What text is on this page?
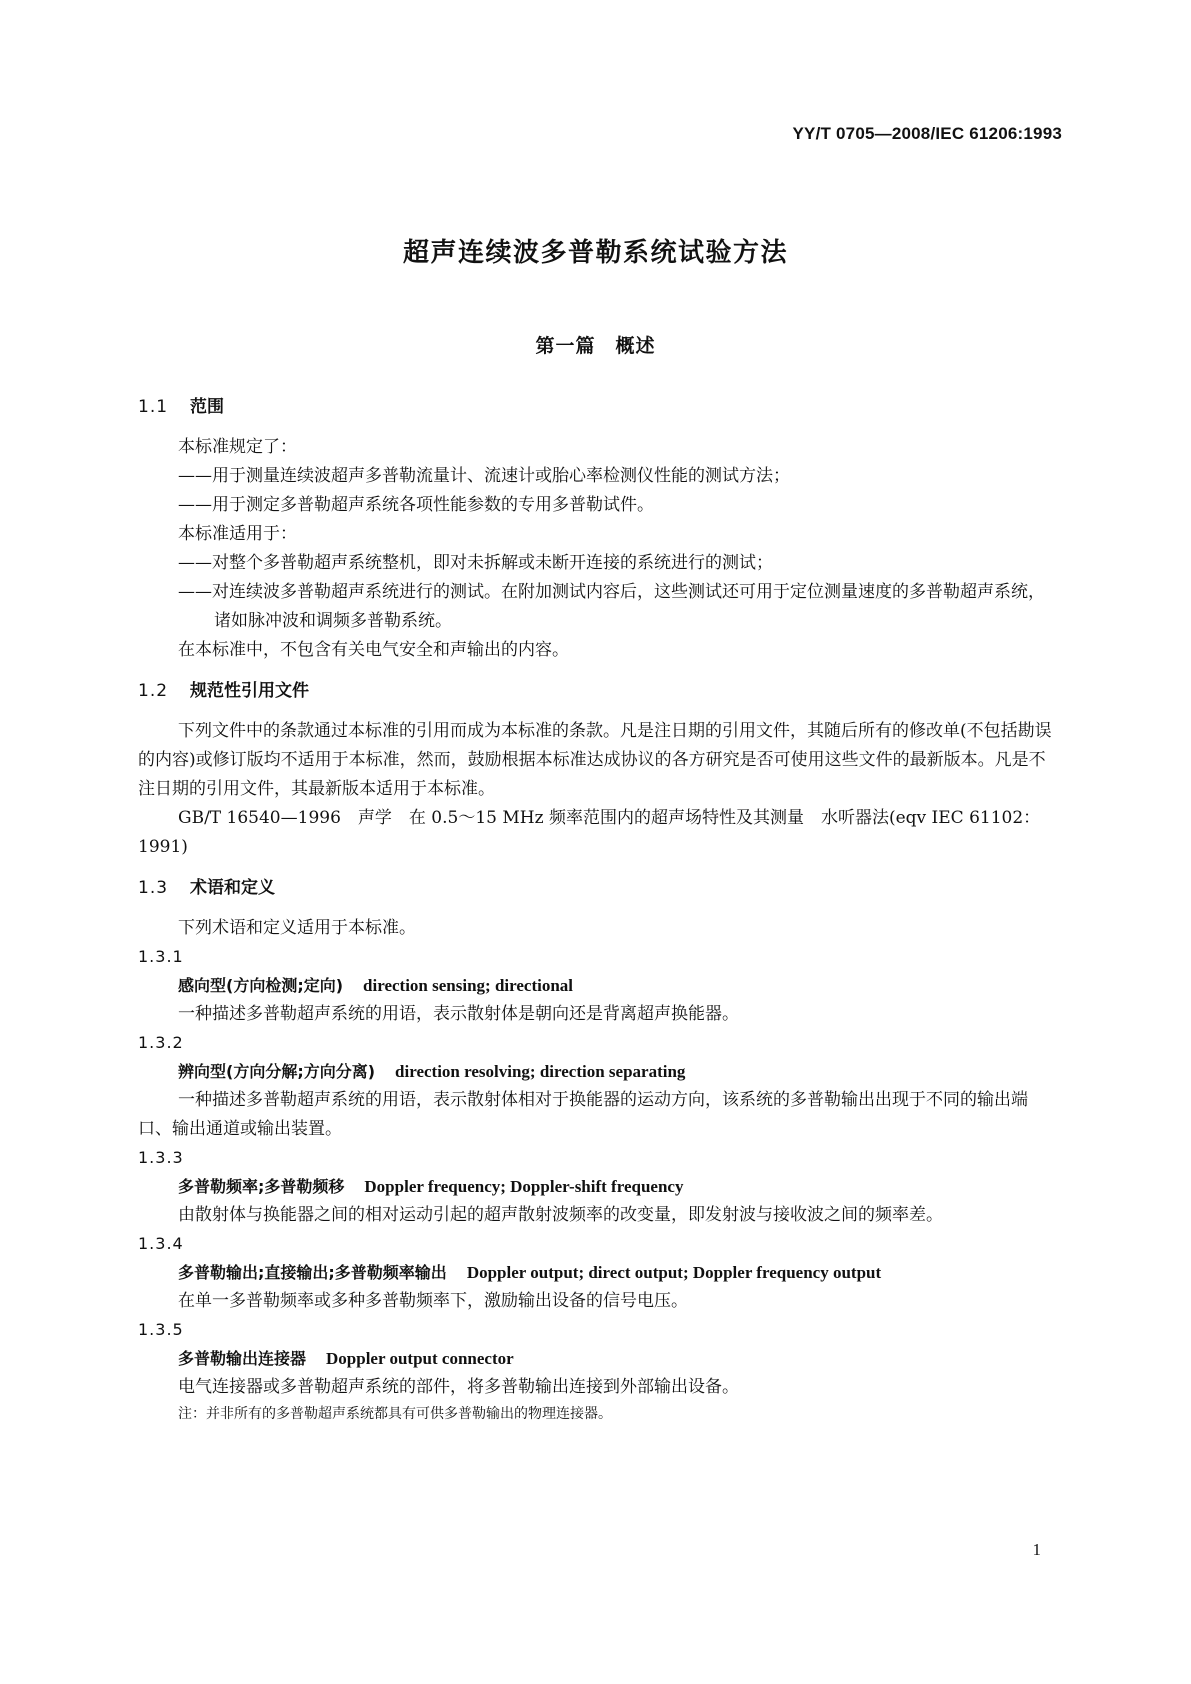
YY/T 0705—2008/IEC 61206:1993
超声连续波多普勒系统试验方法
第一篇　概述
1.1 范围

本标准规定了：

——用于测量连续波超声多普勒流量计、流速计或胎心率检测仪性能的测试方法；

——用于测定多普勒超声系统各项性能参数的专用多普勒试件。

本标准适用于：

——对整个多普勒超声系统整机，即对未拆解或未断开连接的系统进行的测试；

——对连续波多普勒超声系统进行的测试。在附加测试内容后，这些测试还可用于定位测量速度的多普勒超声系统，诸如脉冲波和调频多普勒系统。

在本标准中，不包含有关电气安全和声输出的内容。

1.2 规范性引用文件

下列文件中的条款通过本标准的引用而成为本标准的条款。凡是注日期的引用文件，其随后所有的修改单(不包括勘误的内容)或修订版均不适用于本标准，然而，鼓励根据本标准达成协议的各方研究是否可使用这些文件的最新版本。凡是不注日期的引用文件，其最新版本适用于本标准。

GB/T 16540—1996　声学　在 0.5～15 MHz 频率范围内的超声场特性及其测量　水听器法(eqv IEC 61102：1991)

1.3 术语和定义

下列术语和定义适用于本标准。

1.3.1
感向型(方向检测;定向) direction sensing; directional

一种描述多普勒超声系统的用语，表示散射体是朝向还是背离超声换能器。

1.3.2
辨向型(方向分解;方向分离) direction resolving; direction separating

一种描述多普勒超声系统的用语，表示散射体相对于换能器的运动方向，该系统的多普勒输出出现于不同的输出端口、输出通道或输出装置。

1.3.3
多普勒频率;多普勒频移 Doppler frequency; Doppler-shift frequency

由散射体与换能器之间的相对运动引起的超声散射波频率的改变量，即发射波与接收波之间的频率差。

1.3.4
多普勒输出;直接输出;多普勒频率输出 Doppler output; direct output; Doppler frequency output

在单一多普勒频率或多种多普勒频率下，激励输出设备的信号电压。

1.3.5
多普勒输出连接器 Doppler output connector

电气连接器或多普勒超声系统的部件，将多普勒输出连接到外部输出设备。

注：并非所有的多普勒超声系统都具有可供多普勒输出的物理连接器。
1
